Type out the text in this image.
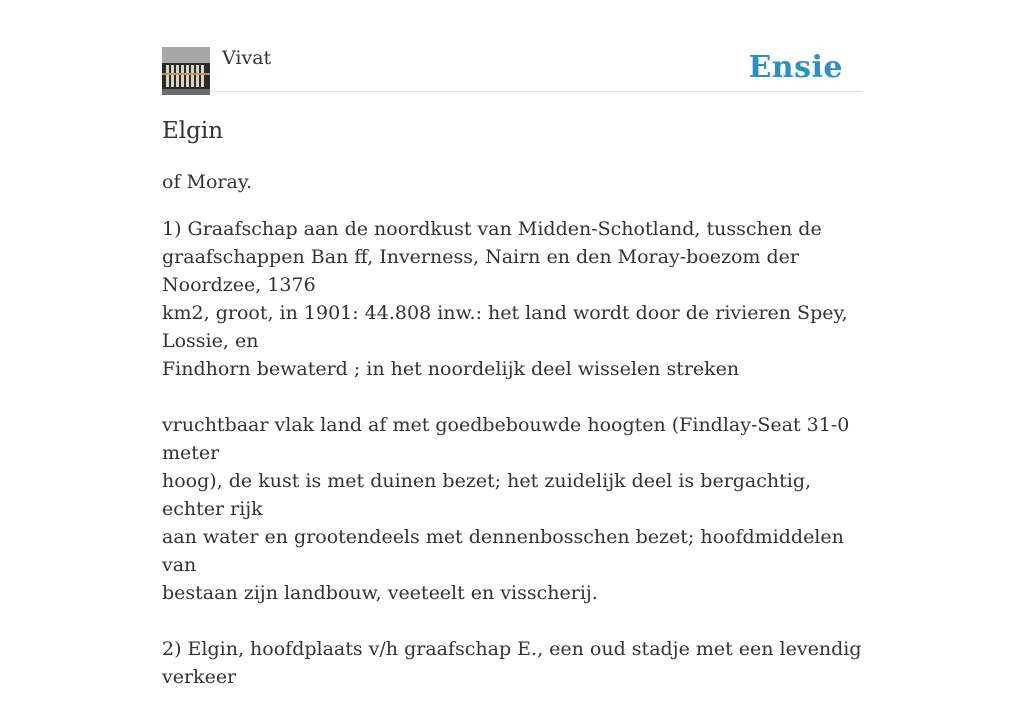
Vivat	Ensie
Elgin

of Moray.

1) Graafschap aan de noordkust van Midden-Schotland, tusschen de
graafschappen Ban ff, Inverness, Nairn en den Moray-boezom der Noordzee, 1376
km2, groot, in 1901: 44.808 inw.: het land wordt door de rivieren Spey, Lossie, en
Findhorn bewaterd ; in het noordelijk deel wisselen streken

vruchtbaar vlak land af met goedbebouwde hoogten (Findlay-Seat 31-0 meter
hoog), de kust is met duinen bezet; het zuidelijk deel is bergachtig, echter rijk
aan water en grootendeels met dennenbosschen bezet; hoofdmiddelen van
bestaan zijn landbouw, veeteelt en visscherij.

2) Elgin, hoofdplaats v/h graafschap E., een oud stadje met een levendig verkeer
